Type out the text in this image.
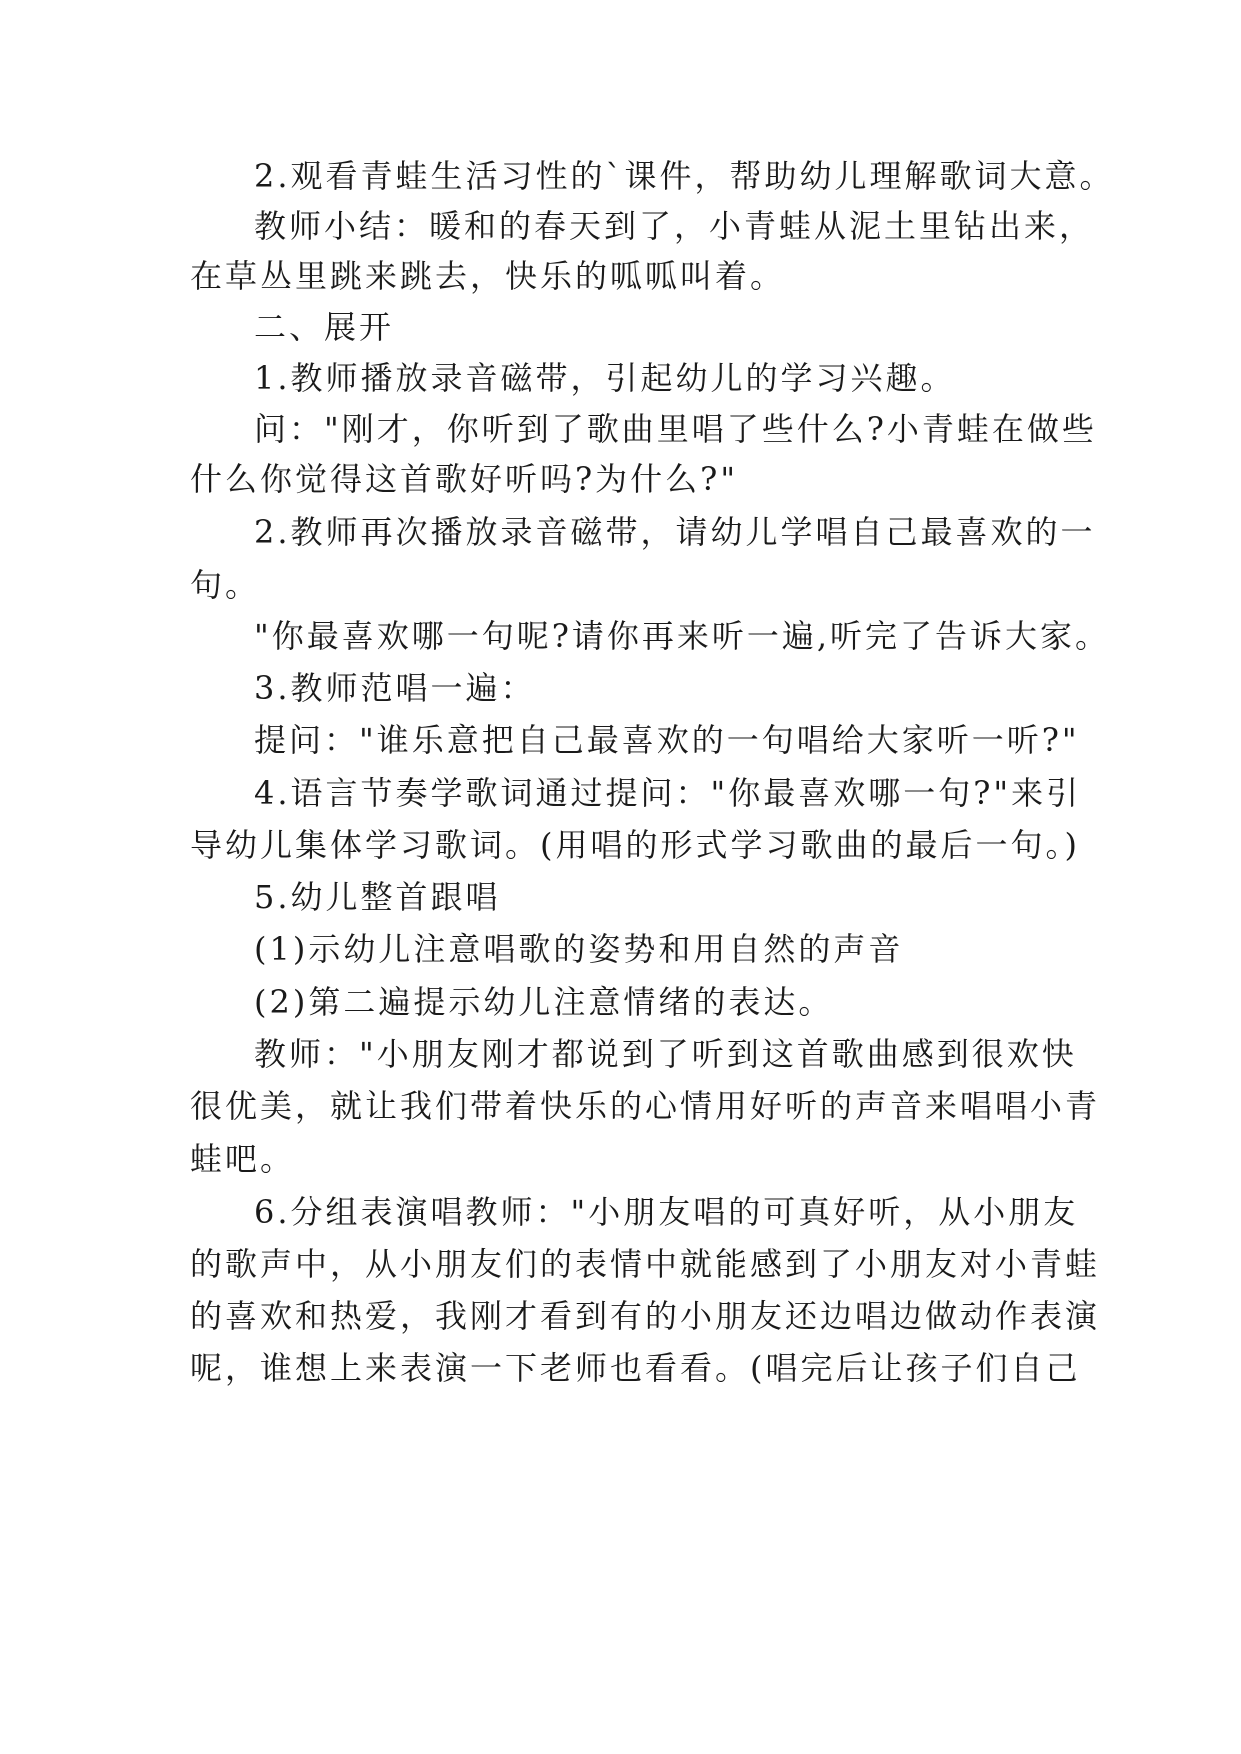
2.观看青蛙生活习性的`课件，帮助幼儿理解歌词大意。
教师小结：暖和的春天到了，小青蛙从泥土里钻出来，
在草丛里跳来跳去，快乐的呱呱叫着。
二、展开
1.教师播放录音磁带，引起幼儿的学习兴趣。
问："刚才，你听到了歌曲里唱了些什么?小青蛙在做些
什么你觉得这首歌好听吗?为什么?"
2.教师再次播放录音磁带，请幼儿学唱自己最喜欢的一
句。
"你最喜欢哪一句呢?请你再来听一遍,听完了告诉大家。
3.教师范唱一遍：
提问："谁乐意把自己最喜欢的一句唱给大家听一听?"
4.语言节奏学歌词通过提问："你最喜欢哪一句?"来引
导幼儿集体学习歌词。(用唱的形式学习歌曲的最后一句。)
5.幼儿整首跟唱
(1)示幼儿注意唱歌的姿势和用自然的声音
(2)第二遍提示幼儿注意情绪的表达。
教师："小朋友刚才都说到了听到这首歌曲感到很欢快
很优美，就让我们带着快乐的心情用好听的声音来唱唱小青
蛙吧。
6.分组表演唱教师："小朋友唱的可真好听，从小朋友
的歌声中，从小朋友们的表情中就能感到了小朋友对小青蛙
的喜欢和热爱，我刚才看到有的小朋友还边唱边做动作表演
呢，谁想上来表演一下老师也看看。(唱完后让孩子们自己
